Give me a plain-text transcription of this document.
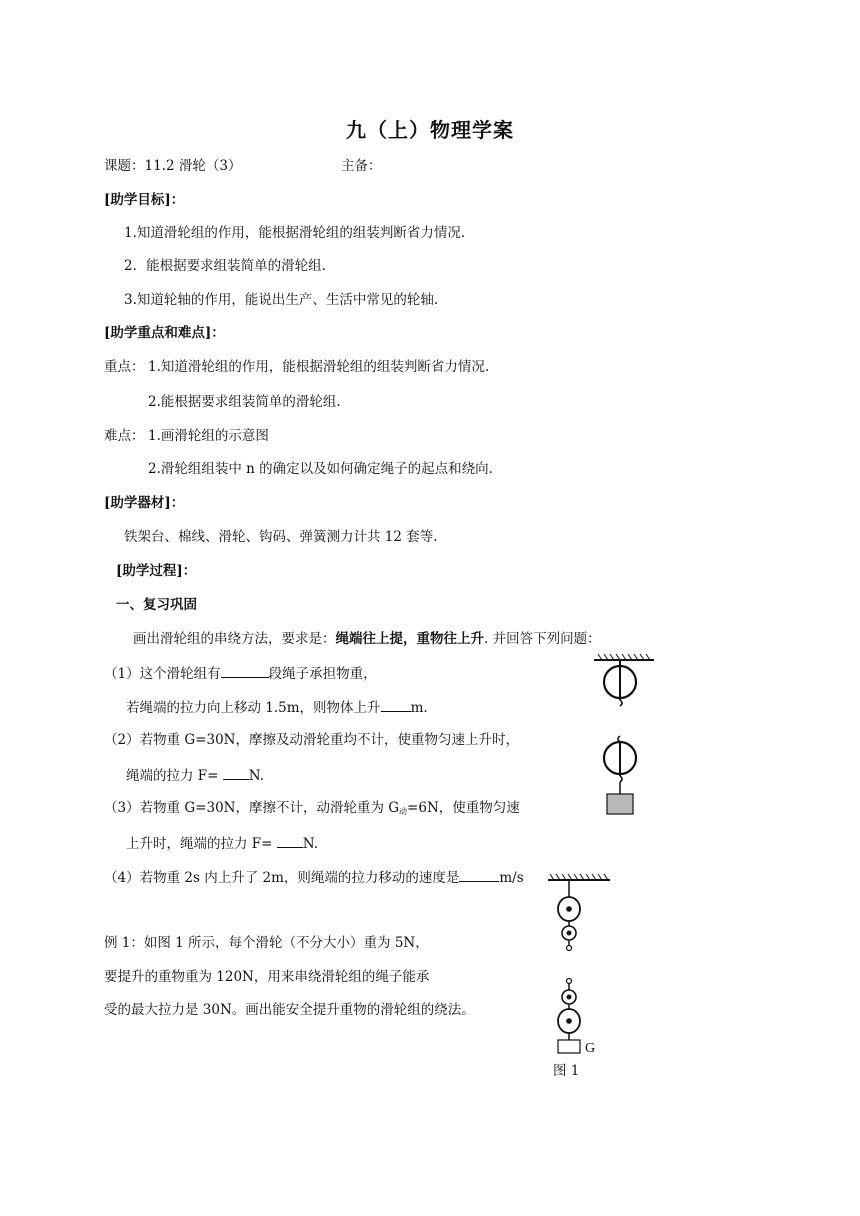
九（上）物理学案
课题：11.2 滑轮（3）	主备：
[助学目标]：
1.知道滑轮组的作用，能根据滑轮组的组装判断省力情况.
2．能根据要求组装简单的滑轮组.
3.知道轮轴的作用，能说出生产、生活中常见的轮轴.
[助学重点和难点]：
重点： 1.知道滑轮组的作用，能根据滑轮组的组装判断省力情况.
2.能根据要求组装简单的滑轮组.
难点： 1.画滑轮组的示意图
2.滑轮组组装中 n 的确定以及如何确定绳子的起点和绕向.
[助学器材]：
铁架台、棉线、滑轮、钩码、弹簧测力计共 12 套等.
[助学过程]：
一、复习巩固
画出滑轮组的串绕方法，要求是：绳端往上提，重物往上升. 并回答下列问题：
（1）这个滑轮组有	段绳子承担物重，
若绳端的拉力向上移动 1.5m，则物体上升 m.
（2）若物重 G=30N，摩擦及动滑轮重均不计，使重物匀速上升时，
绳端的拉力 F= N.
（3）若物重 G=30N，摩擦不计，动滑轮重为 $G_动=6N$，使重物匀速
上升时，绳端的拉力 F= N.
（4）若物重 2s 内上升了 2m，则绳端的拉力移动的速度是	m/s
例 1：如图 1 所示，每个滑轮（不分大小）重为 5N，
要提升的重物重为 120N，用来串绕滑轮组的绳子能承
受的最大拉力是 30N。画出能安全提升重物的滑轮组的绕法。
G
图 1
